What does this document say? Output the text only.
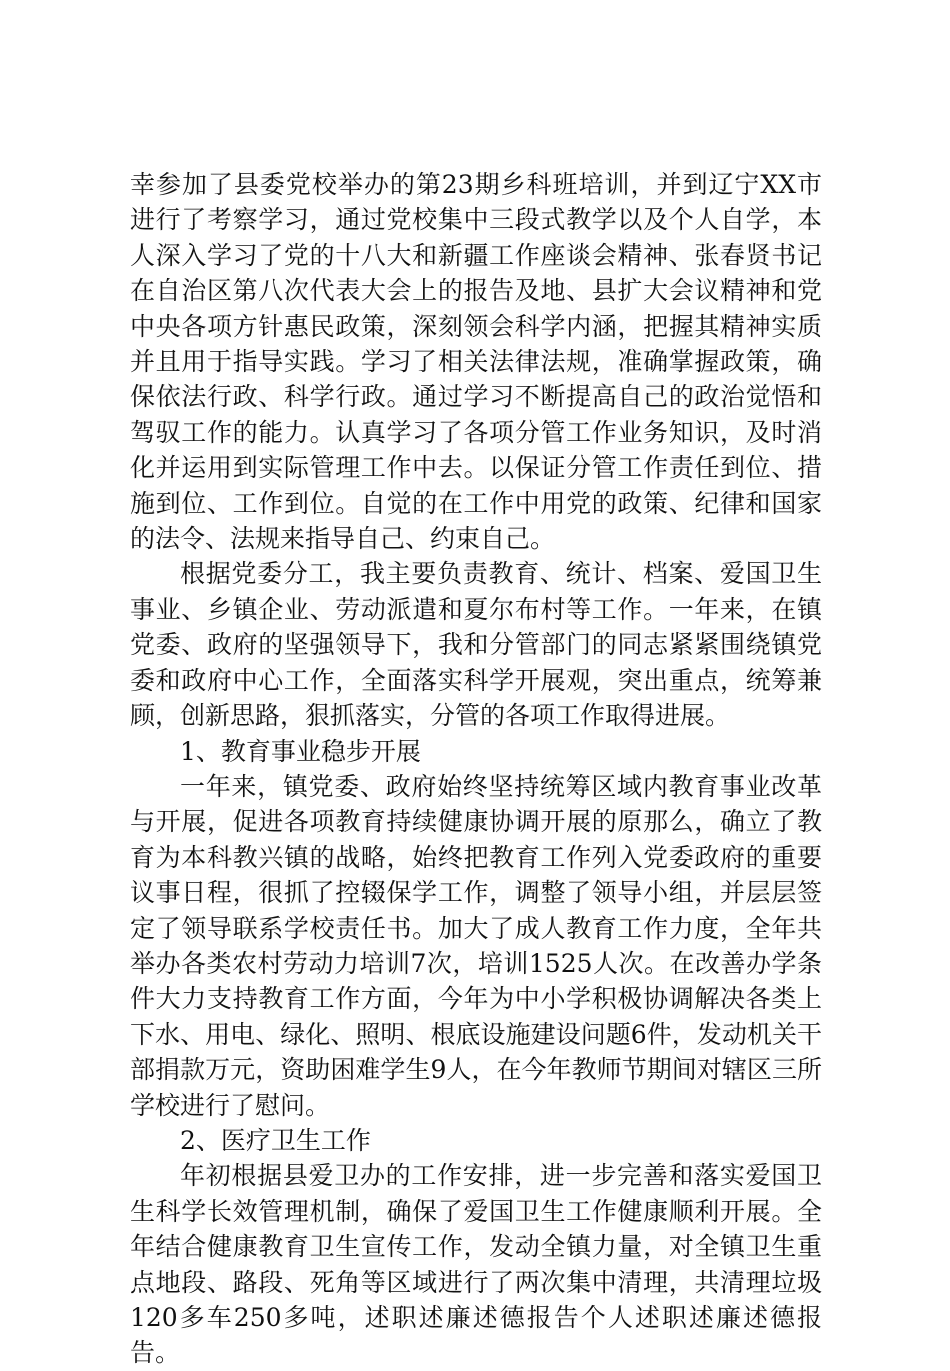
幸参加了县委党校举办的第23期乡科班培训，并到辽宁XX市进行了考察学习，通过党校集中三段式教学以及个人自学，本人深入学习了党的十八大和新疆工作座谈会精神、张春贤书记在自治区第八次代表大会上的报告及地、县扩大会议精神和党中央各项方针惠民政策，深刻领会科学内涵，把握其精神实质并且用于指导实践。学习了相关法律法规，准确掌握政策，确保依法行政、科学行政。通过学习不断提高自己的政治觉悟和驾驭工作的能力。认真学习了各项分管工作业务知识，及时消化并运用到实际管理工作中去。以保证分管工作责任到位、措施到位、工作到位。自觉的在工作中用党的政策、纪律和国家的法令、法规来指导自己、约束自己。

根据党委分工，我主要负责教育、统计、档案、爱国卫生事业、乡镇企业、劳动派遣和夏尔布村等工作。一年来，在镇党委、政府的坚强领导下，我和分管部门的同志紧紧围绕镇党委和政府中心工作，全面落实科学开展观，突出重点，统筹兼顾，创新思路，狠抓落实，分管的各项工作取得进展。

1、教育事业稳步开展

一年来，镇党委、政府始终坚持统筹区域内教育事业改革与开展，促进各项教育持续健康协调开展的原那么，确立了教育为本科教兴镇的战略，始终把教育工作列入党委政府的重要议事日程，很抓了控辍保学工作，调整了领导小组，并层层签定了领导联系学校责任书。加大了成人教育工作力度，全年共举办各类农村劳动力培训7次，培训1525人次。在改善办学条件大力支持教育工作方面，今年为中小学积极协调解决各类上下水、用电、绿化、照明、根底设施建设问题6件，发动机关干部捐款万元，资助困难学生9人，在今年教师节期间对辖区三所学校进行了慰问。

2、医疗卫生工作

年初根据县爱卫办的工作安排，进一步完善和落实爱国卫生科学长效管理机制，确保了爱国卫生工作健康顺利开展。全年结合健康教育卫生宣传工作，发动全镇力量，对全镇卫生重点地段、路段、死角等区域进行了两次集中清理，共清理垃圾120多车250多吨，述职述廉述德报告个人述职述廉述德报告。
